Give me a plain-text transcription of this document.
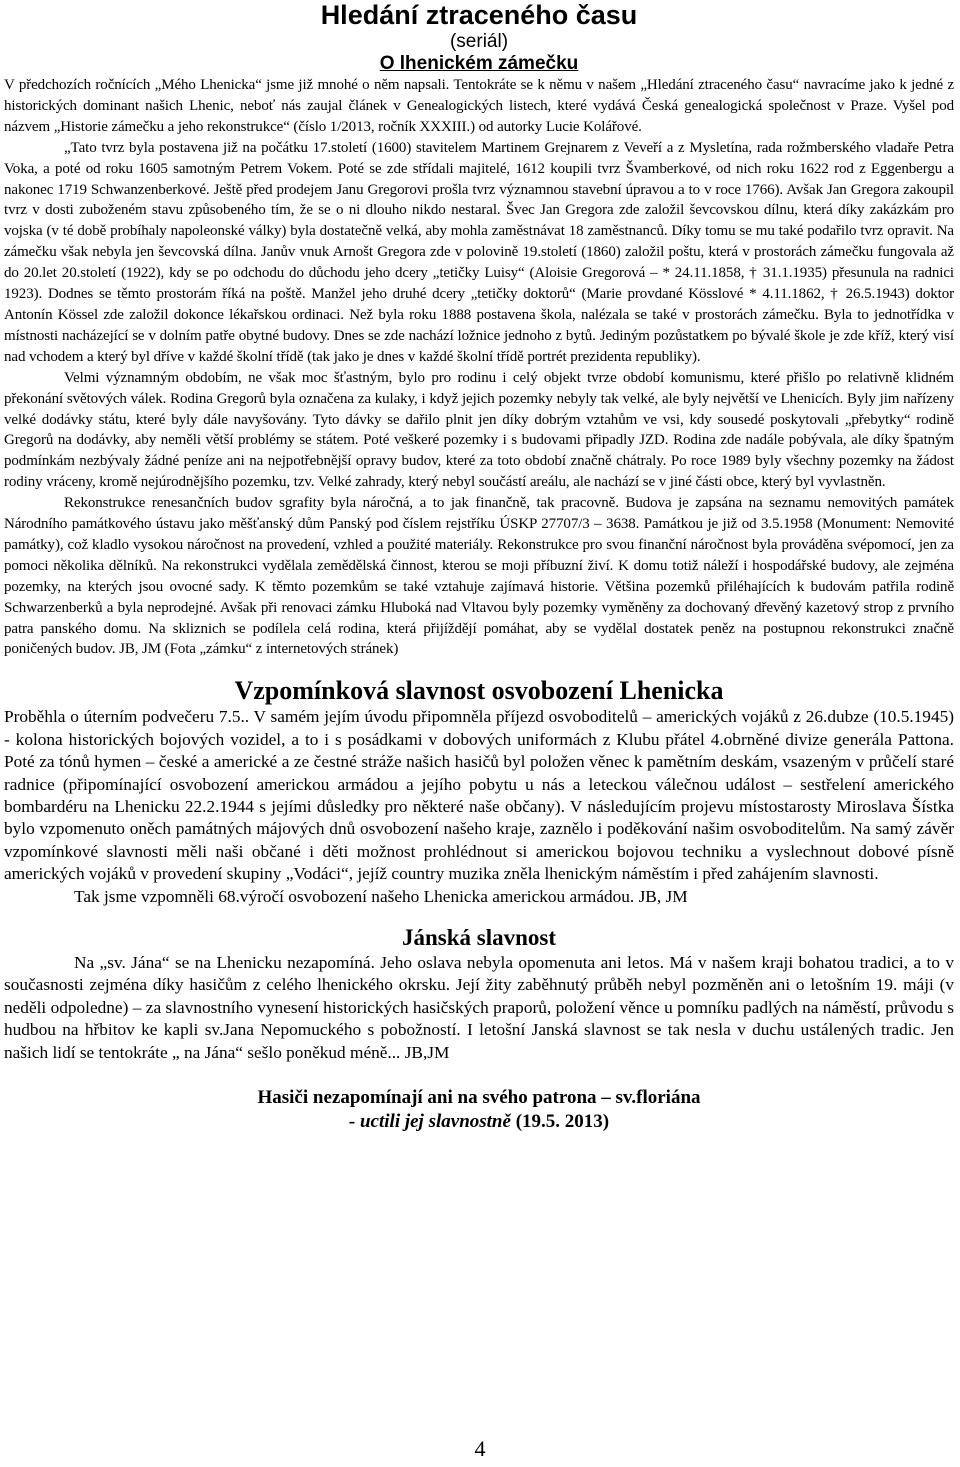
Hledání ztraceného času
(seriál)
O lhenickém zámečku

V předchozích ročnících „Mého Lhenicka“ jsme již mnohé o něm napsali. Tentokráte se k němu v našem „Hledání ztraceného času“ navracíme jako k jedné z historických dominant našich Lhenic, neboť nás zaujal článek v Genealogických listech, které vydává Česká genealogická společnost v Praze. Vyšel pod názvem „Historie zámečku a jeho rekonstrukce“ (číslo 1/2013, ročník XXXIII.) od autorky Lucie Kolářové.

„Tato tvrz byla postavena již na počátku 17.století (1600) stavitelem Martinem Grejnarem z Veveří a z Mysletína, rada rožmberského vladaře Petra Voka, a poté od roku 1605 samotným Petrem Vokem. Poté se zde střídali majitelé, 1612 koupili tvrz Švamberkové, od nich roku 1622 rod z Eggenbergu a nakonec 1719 Schwanzenberkové. Ještě před prodejem Janu Gregorovi prošla tvrz významnou stavební úpravou a to v roce 1766). Avšak Jan Gregora zakoupil tvrz v dosti zuboženém stavu způsobeného tím, že se o ni dlouho nikdo nestaral. Švec Jan Gregora zde založil ševcovskou dílnu, která díky zakázkám pro vojska (v té době probíhaly napoleonské války) byla dostatečně velká, aby mohla zaměstnávat 18 zaměstnanců. Díky tomu se mu také podařilo tvrz opravit. Na zámečku však nebyla jen ševcovská dílna. Janův vnuk Arnošt Gregora zde v polovině 19.století (1860) založil poštu, která v prostorách zámečku fungovala až do 20.let 20.století (1922), kdy se po odchodu do důchodu jeho dcery „tetičky Luisy“ (Aloisie Gregorová – * 24.11.1858, † 31.1.1935) přesunula na radnici 1923). Dodnes se těmto prostorám říká na poště. Manžel jeho druhé dcery „tetičky doktorů“ (Marie provdané Kösslové * 4.11.1862, † 26.5.1943) doktor Antonín Kössel zde založil dokonce lékařskou ordinaci. Než byla roku 1888 postavena škola, nalézala se také v prostorách zámečku. Byla to jednotřídka v místnosti nacházející se v dolním patře obytné budovy. Dnes se zde nachází ložnice jednoho z bytů. Jediným pozůstatkem po bývalé škole je zde kříž, který visí nad vchodem a který byl dříve v každé školní třídě (tak jako je dnes v každé školní třídě portrét prezidenta republiky).

Velmi významným obdobím, ne však moc šťastným, bylo pro rodinu i celý objekt tvrze období komunismu, které přišlo po relativně klidném překonání světových válek. Rodina Gregorů byla označena za kulaky, i když jejich pozemky nebyly tak velké, ale byly největší ve Lhenicích. Byly jim nařízeny velké dodávky státu, které byly dále navyšovány. Tyto dávky se dařilo plnit jen díky dobrým vztahům ve vsi, kdy sousedé poskytovali „přebytky“ rodině Gregorů na dodávky, aby neměli větší problémy se státem. Poté veškeré pozemky i s budovami připadly JZD. Rodina zde nadále pobývala, ale díky špatným podmínkám nezbývaly žádné peníze ani na nejpotřebnější opravy budov, které za toto období značně chátraly. Po roce 1989 byly všechny pozemky na žádost rodiny vráceny, kromě nejúrodnějšího pozemku, tzv. Velké zahrady, který nebyl součástí areálu, ale nachází se v jiné části obce, který byl vyvlastněn.

Rekonstrukce renesančních budov sgrafity byla náročná, a to jak finančně, tak pracovně. Budova je zapsána na seznamu nemovitých památek Národního památkového ústavu jako měšťanský dům Panský pod číslem rejstříku ÚSKP 27707/3 – 3638. Památkou je již od 3.5.1958 (Monument: Nemovité památky), což kladlo vysokou náročnost na provedení, vzhled a použité materiály. Rekonstrukce pro svou finanční náročnost byla prováděna svépomocí, jen za pomoci několika dělníků. Na rekonstrukci vydělala zemědělská činnost, kterou se moji příbuzní živí. K domu totiž náleží i hospodářské budovy, ale zejména pozemky, na kterých jsou ovocné sady. K těmto pozemkům se také vztahuje zajímavá historie. Většina pozemků přiléhajících k budovám patřila rodině Schwarzenberků a byla neprodejné. Avšak při renovaci zámku Hluboká nad Vltavou byly pozemky vyměněny za dochovaný dřevěný kazetový strop z prvního patra panského domu. Na skliznich se podílela celá rodina, která přijíždějí pomáhat, aby se vydělal dostatek peněz na postupnou rekonstrukci značně poničených budov. JB, JM (Fota „zámku“ z internetových stránek)

Vzpomínková slavnost osvobození Lhenicka

Proběhla o úterním podvečeru 7.5.. V samém jejím úvodu připomněla příjezd osvoboditelů – amerických vojáků z 26.dubze (10.5.1945) - kolona historických bojových vozidel, a to i s posádkami v dobových uniformách z Klubu přátel 4.obrněné divize generála Pattona. Poté za tónů hymen – české a americké a ze čestné stráže našich hasičů byl položen věnec k pamětním deskám, vsazeným v průčelí staré radnice (připomínající osvobození americkou armádou a jejího pobytu u nás a leteckou válečnou událost – sestřelení amerického bombardéru na Lhenicku 22.2.1944 s jejími důsledky pro některé naše občany). V následujícím projevu místostarosty Miroslava Šístka bylo vzpomenuto oněch památných májových dnů osvobození našeho kraje, zaznělo i poděkování našim osvoboditelům. Na samý závěr vzpomínkové slavnosti měli naši občané i děti možnost prohlédnout si americkou bojovou techniku a vyslechnout dobové písně amerických vojáků v provedení skupiny „Vodáci“, jejíž country muzika zněla lhenickým náměstím i před zahájením slavnosti.

Tak jsme vzpomněli 68.výročí osvobození našeho Lhenicka americkou armádou. JB, JM

Jánská slavnost

Na „sv. Jána“ se na Lhenicku nezapomíná. Jeho oslava nebyla opomenuta ani letos. Má v našem kraji bohatou tradici, a to v současnosti zejména díky hasičům z celého lhenického okrsku. Její žity zaběhnutý průběh nebyl pozměněn ani o letošním 19. máji (v neděli odpoledne) – za slavnostního vynesení historických hasičských praporů, položení věnce u pomníku padlých na náměstí, průvodu s hudbou na hřbitov ke kapli sv.Jana Nepomuckého s pobožností. I letošní Janská slavnost se tak nesla v duchu ustálených tradic. Jen našich lidí se tentokráte „ na Jána“ sešlo poněkud méně... JB,JM

Hasiči nezapomínají ani na svého patrona – sv.floriána
- uctili jej slavnostně (19.5. 2013)
4
